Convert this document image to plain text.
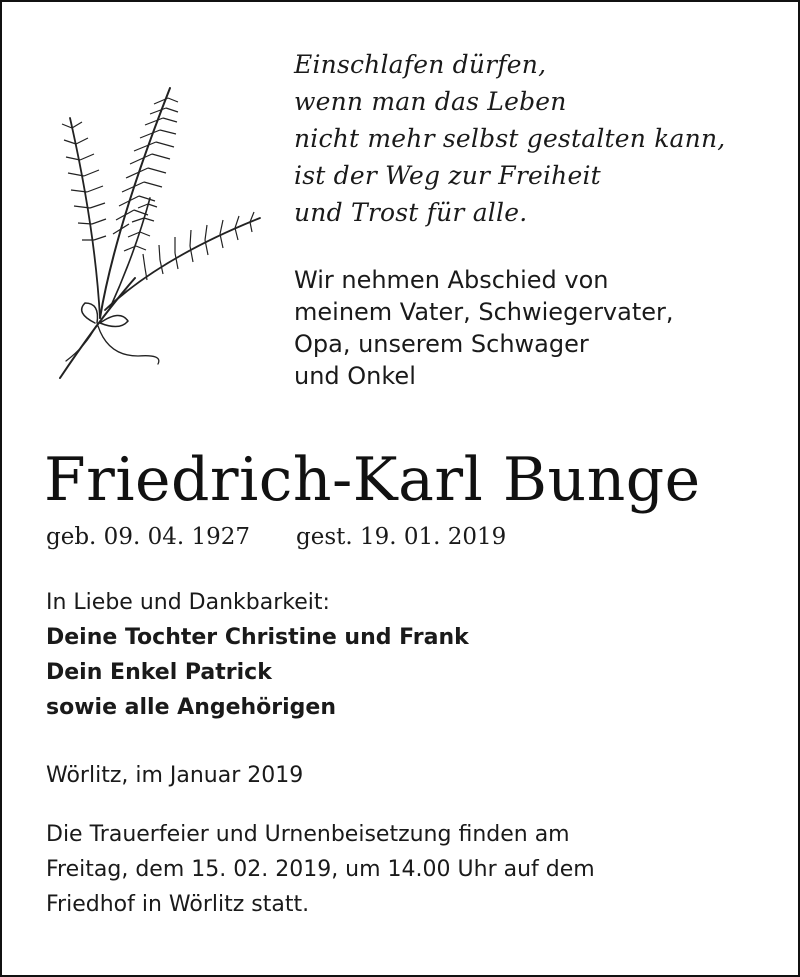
Einschlafen dürfen,
wenn man das Leben
nicht mehr selbst gestalten kann,
ist der Weg zur Freiheit
und Trost für alle.
Wir nehmen Abschied von
meinem Vater, Schwiegervater,
Opa, unserem Schwager
und Onkel
Friedrich-Karl Bunge
geb. 09. 04. 1927 gest. 19. 01. 2019
In Liebe und Dankbarkeit:
Deine Tochter Christine und Frank
Dein Enkel Patrick
sowie alle Angehörigen
Wörlitz, im Januar 2019
Die Trauerfeier und Urnenbeisetzung finden am
Freitag, dem 15. 02. 2019, um 14.00 Uhr auf dem
Friedhof in Wörlitz statt.
